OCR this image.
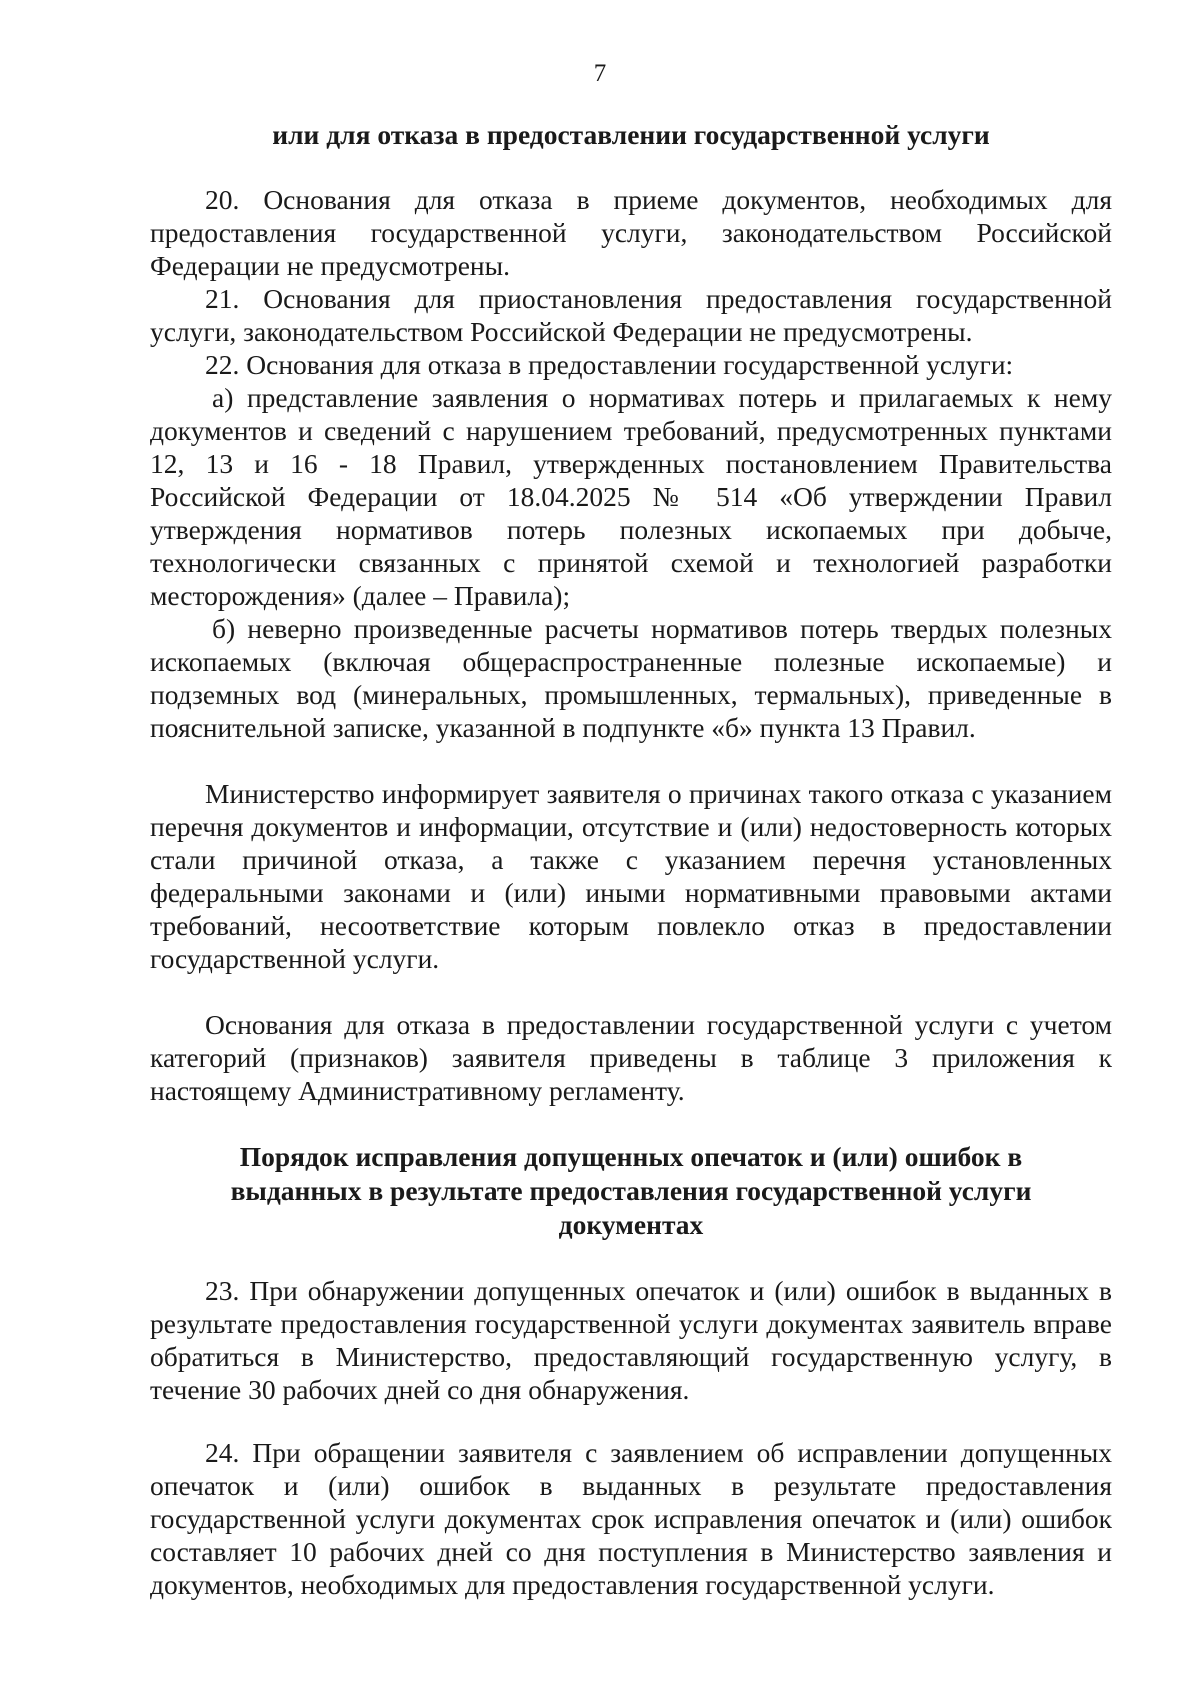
7
или для отказа в предоставлении государственной услуги

20. Основания для отказа в приеме документов, необходимых для предоставления государственной услуги, законодательством Российской Федерации не предусмотрены.

21. Основания для приостановления предоставления государственной услуги, законодательством Российской Федерации не предусмотрены.

22. Основания для отказа в предоставлении государственной услуги:

а) представление заявления о нормативах потерь и прилагаемых к нему документов и сведений с нарушением требований, предусмотренных пунктами 12, 13 и 16 - 18 Правил, утвержденных постановлением Правительства Российской Федерации от 18.04.2025 № 514 «Об утверждении Правил утверждения нормативов потерь полезных ископаемых при добыче, технологически связанных с принятой схемой и технологией разработки месторождения» (далее – Правила);

б) неверно произведенные расчеты нормативов потерь твердых полезных ископаемых (включая общераспространенные полезные ископаемые) и подземных вод (минеральных, промышленных, термальных), приведенные в пояснительной записке, указанной в подпункте «б» пункта 13 Правил.

Министерство информирует заявителя о причинах такого отказа с указанием перечня документов и информации, отсутствие и (или) недостоверность которых стали причиной отказа, а также с указанием перечня установленных федеральными законами и (или) иными нормативными правовыми актами требований, несоответствие которым повлекло отказ в предоставлении государственной услуги.

Основания для отказа в предоставлении государственной услуги с учетом категорий (признаков) заявителя приведены в таблице 3 приложения к настоящему Административному регламенту.

Порядок исправления допущенных опечаток и (или) ошибок в
выданных в результате предоставления государственной услуги
документах

23. При обнаружении допущенных опечаток и (или) ошибок в выданных в результате предоставления государственной услуги документах заявитель вправе обратиться в Министерство, предоставляющий государственную услугу, в течение 30 рабочих дней со дня обнаружения.

24. При обращении заявителя с заявлением об исправлении допущенных опечаток и (или) ошибок в выданных в результате предоставления государственной услуги документах срок исправления опечаток и (или) ошибок составляет 10 рабочих дней со дня поступления в Министерство заявления и документов, необходимых для предоставления государственной услуги.
